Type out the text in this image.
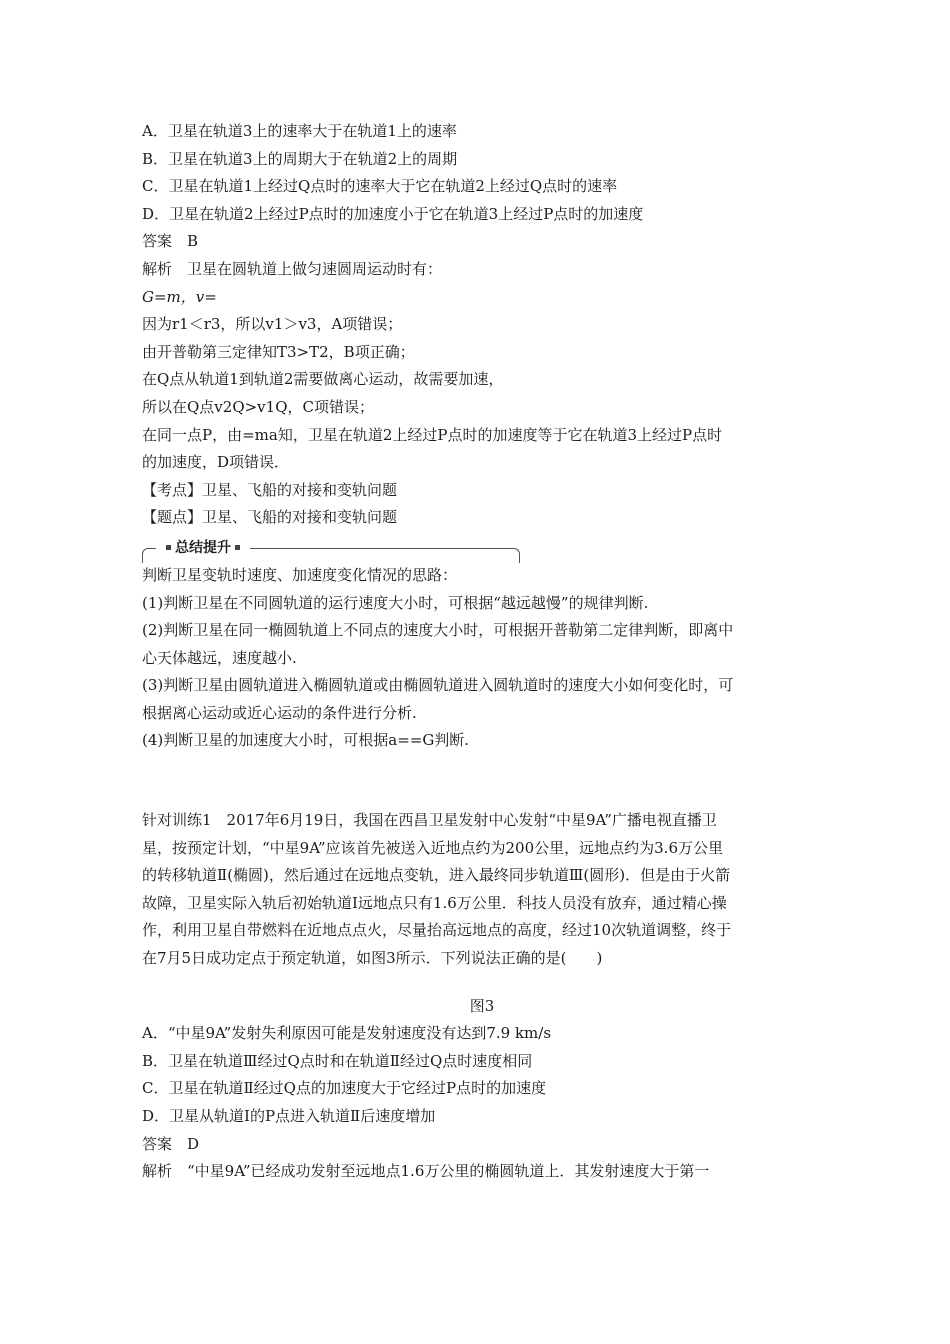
A．卫星在轨道3上的速率大于在轨道1上的速率
B．卫星在轨道3上的周期大于在轨道2上的周期
C．卫星在轨道1上经过Q点时的速率大于它在轨道2上经过Q点时的速率
D．卫星在轨道2上经过P点时的加速度小于它在轨道3上经过P点时的加速度
答案　B
解析　卫星在圆轨道上做匀速圆周运动时有：
G=m，v=
因为r1＜r3，所以v1＞v3，A项错误；
由开普勒第三定律知T3>T2，B项正确；
在Q点从轨道1到轨道2需要做离心运动，故需要加速，
所以在Q点v2Q>v1Q，C项错误；
在同一点P，由=ma知，卫星在轨道2上经过P点时的加速度等于它在轨道3上经过P点时
的加速度，D项错误．
【考点】卫星、飞船的对接和变轨问题
【题点】卫星、飞船的对接和变轨问题
总结提升
判断卫星变轨时速度、加速度变化情况的思路：
(1)判断卫星在不同圆轨道的运行速度大小时，可根据“越远越慢”的规律判断.
(2)判断卫星在同一椭圆轨道上不同点的速度大小时，可根据开普勒第二定律判断，即离中
心天体越远，速度越小.
(3)判断卫星由圆轨道进入椭圆轨道或由椭圆轨道进入圆轨道时的速度大小如何变化时，可
根据离心运动或近心运动的条件进行分析.
(4)判断卫星的加速度大小时，可根据a==G判断.
针对训练1　2017年6月19日，我国在西昌卫星发射中心发射“中星9A”广播电视直播卫
星，按预定计划，“中星9A”应该首先被送入近地点约为200公里，远地点约为3.6万公里
的转移轨道Ⅱ(椭圆)，然后通过在远地点变轨，进入最终同步轨道Ⅲ(圆形)．但是由于火箭
故障，卫星实际入轨后初始轨道Ⅰ远地点只有1.6万公里．科技人员没有放弃，通过精心操
作，利用卫星自带燃料在近地点点火，尽量抬高远地点的高度，经过10次轨道调整，终于
在7月5日成功定点于预定轨道，如图3所示．下列说法正确的是(　　)
图3
A．“中星9A”发射失利原因可能是发射速度没有达到7.9 km/s
B．卫星在轨道Ⅲ经过Q点时和在轨道Ⅱ经过Q点时速度相同
C．卫星在轨道Ⅱ经过Q点的加速度大于它经过P点时的加速度
D．卫星从轨道Ⅰ的P点进入轨道Ⅱ后速度增加
答案　D
解析　“中星9A”已经成功发射至远地点1.6万公里的椭圆轨道上．其发射速度大于第一
